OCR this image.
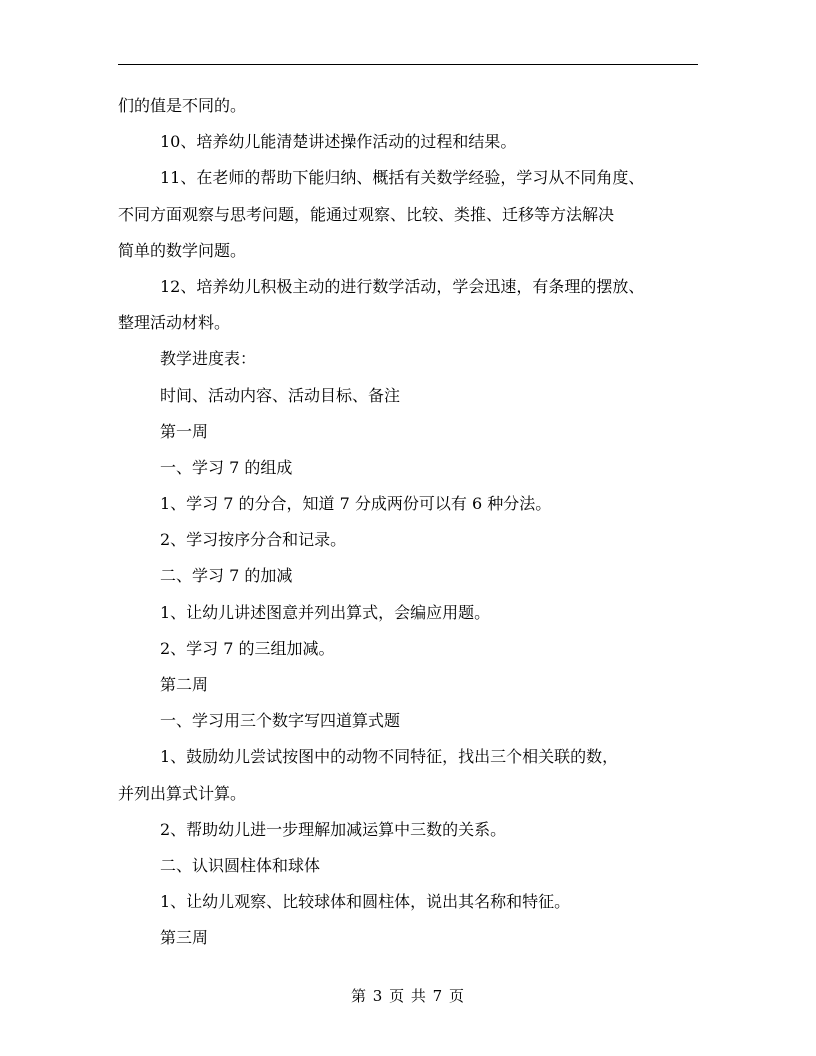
们的值是不同的。
10、培养幼儿能清楚讲述操作活动的过程和结果。
11、在老师的帮助下能归纳、概括有关数学经验，学习从不同角度、
不同方面观察与思考问题，能通过观察、比较、类推、迁移等方法解决
简单的数学问题。
12、培养幼儿积极主动的进行数学活动，学会迅速，有条理的摆放、
整理活动材料。
教学进度表：
时间、活动内容、活动目标、备注
第一周
一、学习 7 的组成
1、学习 7 的分合，知道 7 分成两份可以有 6 种分法。
2、学习按序分合和记录。
二、学习 7 的加减
1、让幼儿讲述图意并列出算式，会编应用题。
2、学习 7 的三组加减。
第二周
一、学习用三个数字写四道算式题
1、鼓励幼儿尝试按图中的动物不同特征，找出三个相关联的数，
并列出算式计算。
2、帮助幼儿进一步理解加减运算中三数的关系。
二、认识圆柱体和球体
1、让幼儿观察、比较球体和圆柱体，说出其名称和特征。
第三周
第 3 页 共 7 页
